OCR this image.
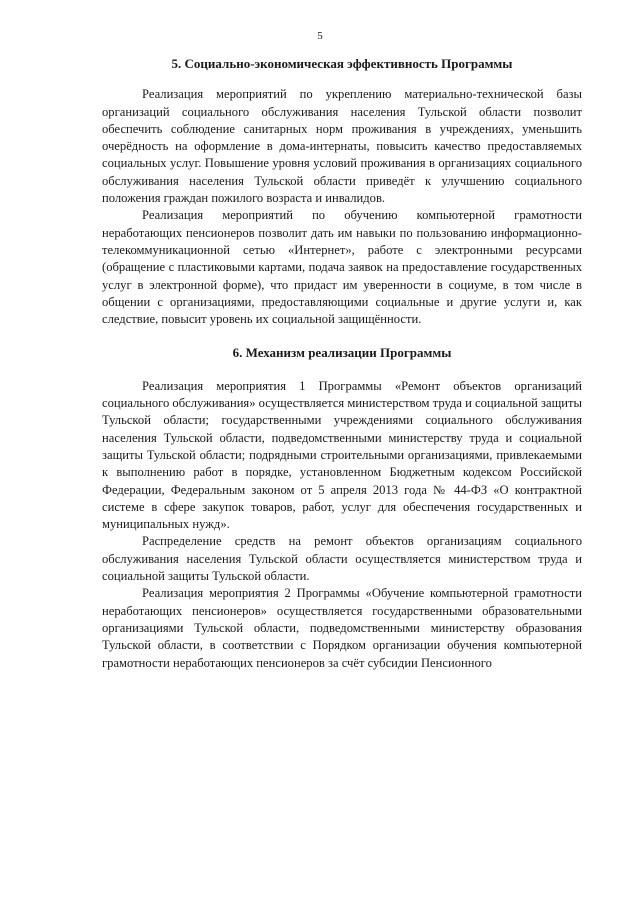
5
5. Социально-экономическая эффективность Программы

Реализация мероприятий по укреплению материально-технической базы организаций социального обслуживания населения Тульской области позволит обеспечить соблюдение санитарных норм проживания в учреждениях, уменьшить очерёдность на оформление в дома-интернаты, повысить качество предоставляемых социальных услуг. Повышение уровня условий проживания в организациях социального обслуживания населения Тульской области приведёт к улучшению социального положения граждан пожилого возраста и инвалидов.

Реализация мероприятий по обучению компьютерной грамотности неработающих пенсионеров позволит дать им навыки по пользованию информационно-телекоммуникационной сетью «Интернет», работе с электронными ресурсами (обращение с пластиковыми картами, подача заявок на предоставление государственных услуг в электронной форме), что придаст им уверенности в социуме, в том числе в общении с организациями, предоставляющими социальные и другие услуги и, как следствие, повысит уровень их социальной защищённости.

6. Механизм реализации Программы

Реализация мероприятия 1 Программы «Ремонт объектов организаций социального обслуживания» осуществляется министерством труда и социальной защиты Тульской области; государственными учреждениями социального обслуживания населения Тульской области, подведомственными министерству труда и социальной защиты Тульской области; подрядными строительными организациями, привлекаемыми к выполнению работ в порядке, установленном Бюджетным кодексом Российской Федерации, Федеральным законом от 5 апреля 2013 года № 44-ФЗ «О контрактной системе в сфере закупок товаров, работ, услуг для обеспечения государственных и муниципальных нужд».

Распределение средств на ремонт объектов организациям социального обслуживания населения Тульской области осуществляется министерством труда и социальной защиты Тульской области.

Реализация мероприятия 2 Программы «Обучение компьютерной грамотности неработающих пенсионеров» осуществляется государственными образовательными организациями Тульской области, подведомственными министерству образования Тульской области, в соответствии с Порядком организации обучения компьютерной грамотности неработающих пенсионеров за счёт субсидии Пенсионного
